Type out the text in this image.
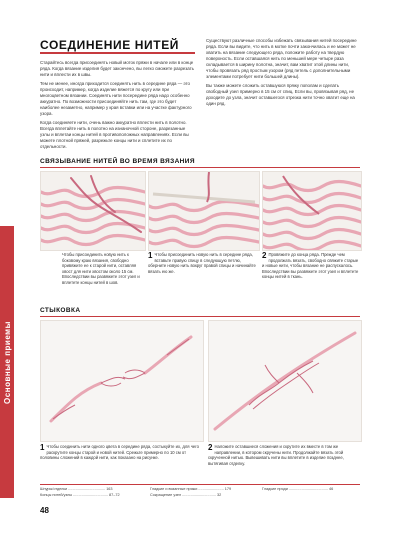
Основные приемы
СОЕДИНЕНИЕ НИТЕЙ

Старайтесь всегда присоединять новый моток пряжи в начале или в конце ряда. Когда вязание изделия будет закончено, вы легко сможете разрезать нити и вплести их в швы.

Тем не менее, иногда приходится соединять нить в середине ряда — это происходит, например, когда изделие вяжется по кругу или при многоцветном вязании. Соединять нити посередине ряда надо особенно аккуратно. По возможности присоединяйте нить там, где это будет наиболее незаметно, например у края вставки или на участке фактурного узора.

Когда соединяете нити, очень важно аккуратно вплести нить в полотно. Всегда вплетайте нить в полотно на изнаночной стороне, разрезанные узлы и вплетаи концы нитей в противоположных направлениях. Если вы можете плотной пряжей, разрежьте концы нити и сплетите их по отдельности.

Существуют различные способы избежать связывания нитей посередине ряда. Если вы видите, что нить в мотке почти закончилась и ее может не хватить на вязание следующего ряда, положите работу на твердую поверхность. Если оставшаяся нить по меньшей мере четыре раза складывается в ширину полотна, значит, вам хватит этой длины нити, чтобы провязать ряд простым узором (ряд петель с дополнительными элементами потребует нити большей длины).

Вы также можете сложить оставшуюся пряжу пополам и сделать свободный узел примерно в 15 см от спиц. Если вы, провязывая ряд, не доходите до узла, значит оставшегося отрезка нити точно хватит еще на один ряд.

СВЯЗЫВАНИЕ НИТЕЙ ВО ВРЕМЯ ВЯЗАНИЯ
Чтобы присоединить новую нить к боковому краю вязания, свободно привяжите ее к старой нити, оставляя хвост для нити хвостом около 15 см. Впоследствии вы развяжете этот узел и вплетете концы нитей в шов.
1 Чтобы присоединить новую нить в середине ряда, вставьте правую спицу в следующую петлю, оберните новую нить вокруг правой спицы и начинайте вязать ею же.
2 Провяжите до конца ряда. Прежде чем продолжать вязать, свободно свяжите старые и новые нити, чтобы вязание не распускалось. Впоследствии вы развяжете этот узел и вплетете концы нитей в ткань.
СТЫКОВКА
1 Чтобы соединить нити одного цвета в середине ряда, состыкуйте их, для чего раскрутите концы старой и новой нитей. Срежьте примерно по 10 см от половины сложений в каждой нити, как показано на рисунке.
2 Наложите оставшиеся сложения и скрутите их вместе в том же направлении, в котором скручены нити. Продолжайте вязать этой скрученной нитью. Вывешивать нити вы вплетите в изделие позднее, вытягивая отделку.
Шнуры/отделки ................................... 163
Концы нитей/узлы ................................. 87–72
Гладкие и вязанные пряжи ........................ 179
Сокращение узел ................................ 32
Гладкие пряди ..................................... 46
48
